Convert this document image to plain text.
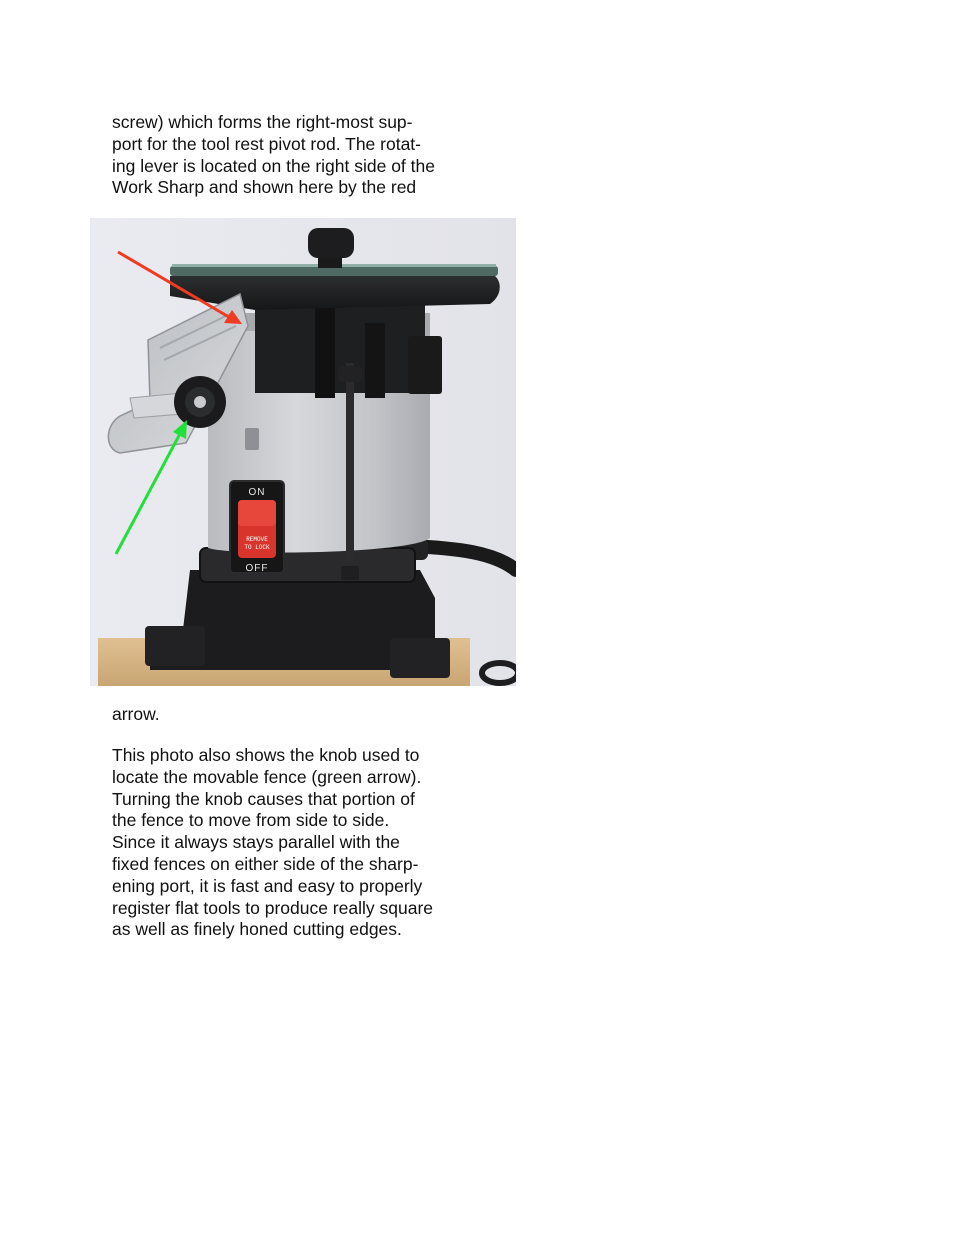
screw) which forms the right-most sup-
port for the tool rest pivot rod. The rotat-
ing lever is located on the right side of the
Work Sharp and shown here by the red

ON
REMOVE
TO LOCK
OFF

arrow.

This photo also shows the knob used to
locate the movable fence (green arrow).
Turning the knob causes that portion of
the fence to move from side to side.
Since it always stays parallel with the
fixed fences on either side of the sharp-
ening port, it is fast and easy to properly
register flat tools to produce really square
as well as finely honed cutting edges.
